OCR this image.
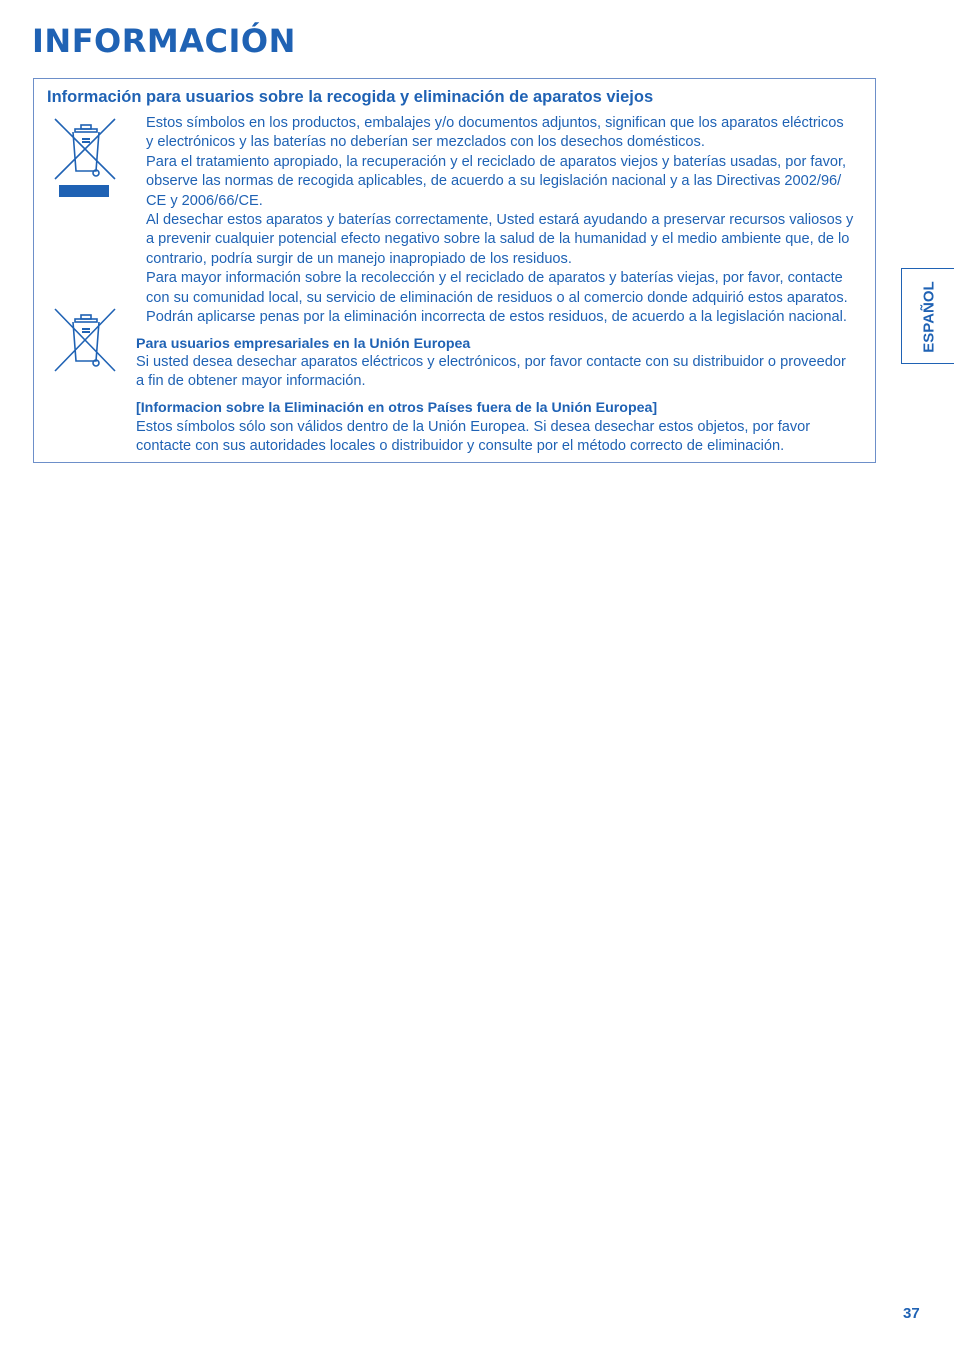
INFORMACIÓN
Información para usuarios sobre la recogida y eliminación de aparatos viejos

Estos símbolos en los productos, embalajes y/o documentos adjuntos, significan que los aparatos eléctricos
y electrónicos y las baterías no deberían ser mezclados con los desechos domésticos.
Para el tratamiento apropiado, la recuperación y el reciclado de aparatos viejos y baterías usadas, por favor,
observe las normas de recogida aplicables, de acuerdo a su legislación nacional y a las Directivas 2002/96/
CE y 2006/66/CE.
Al desechar estos aparatos y baterías correctamente, Usted estará ayudando a preservar recursos valiosos y
a prevenir cualquier potencial efecto negativo sobre la salud de la humanidad y el medio ambiente que, de lo
contrario, podría surgir de un manejo inapropiado de los residuos.
Para mayor información sobre la recolección y el reciclado de aparatos y baterías viejas, por favor, contacte
con su comunidad local, su servicio de eliminación de residuos o al comercio donde adquirió estos aparatos.
Podrán aplicarse penas por la eliminación incorrecta de estos residuos, de acuerdo a la legislación nacional.

Para usuarios empresariales en la Unión Europea

Si usted desea desechar aparatos eléctricos y electrónicos, por favor contacte con su distribuidor o proveedor
a fin de obtener mayor información.

[Informacion sobre la Eliminación en otros Países fuera de la Unión Europea]

Estos símbolos sólo son válidos dentro de la Unión Europea. Si desea desechar estos objetos, por favor
contacte con sus autoridades locales o distribuidor y consulte por el método correcto de eliminación.

ESPAÑOL
37
